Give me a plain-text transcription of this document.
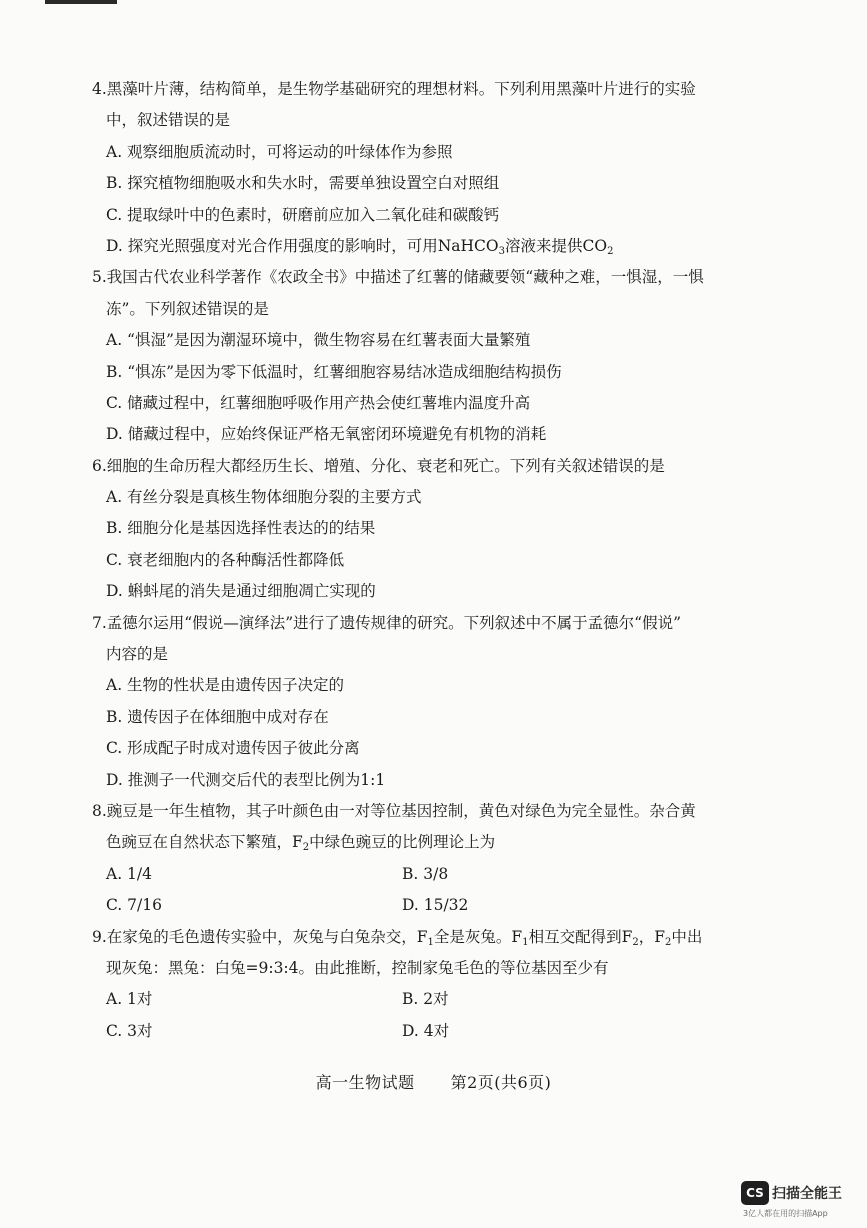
4.黑藻叶片薄，结构简单，是生物学基础研究的理想材料。下列利用黑藻叶片进行的实验
中，叙述错误的是
A. 观察细胞质流动时，可将运动的叶绿体作为参照
B. 探究植物细胞吸水和失水时，需要单独设置空白对照组
C. 提取绿叶中的色素时，研磨前应加入二氧化硅和碳酸钙
D. 探究光照强度对光合作用强度的影响时，可用NaHCO$_3$溶液来提供$CO_2$
5.我国古代农业科学著作《农政全书》中描述了红薯的储藏要领“藏种之难，一惧湿，一惧
冻”。下列叙述错误的是
A. “惧湿”是因为潮湿环境中，微生物容易在红薯表面大量繁殖
B. “惧冻”是因为零下低温时，红薯细胞容易结冰造成细胞结构损伤
C. 储藏过程中，红薯细胞呼吸作用产热会使红薯堆内温度升高
D. 储藏过程中，应始终保证严格无氧密闭环境避免有机物的消耗
6.细胞的生命历程大都经历生长、增殖、分化、衰老和死亡。下列有关叙述错误的是
A. 有丝分裂是真核生物体细胞分裂的主要方式
B. 细胞分化是基因选择性表达的的结果
C. 衰老细胞内的各种酶活性都降低
D. 蝌蚪尾的消失是通过细胞凋亡实现的
7.孟德尔运用“假说—演绎法”进行了遗传规律的研究。下列叙述中不属于孟德尔“假说”
内容的是
A. 生物的性状是由遗传因子决定的
B. 遗传因子在体细胞中成对存在
C. 形成配子时成对遗传因子彼此分离
D. 推测子一代测交后代的表型比例为1:1
8.豌豆是一年生植物，其子叶颜色由一对等位基因控制，黄色对绿色为完全显性。杂合黄
色豌豆在自然状态下繁殖，$F_2$中绿色豌豆的比例理论上为
A. 1/4	B. 3/8
C. 7/16	D. 15/32
9.在家兔的毛色遗传实验中，灰兔与白兔杂交，$F_1$全是灰兔。$F_1$相互交配得到$F_2$，$F_2$中出
现灰兔：黑兔：白兔=9:3:4。由此推断，控制家兔毛色的等位基因至少有
A. 1对	B. 2对
C. 3对	D. 4对
高一生物试题 第2页(共6页)
CS 扫描全能王
3亿人都在用的扫描App
